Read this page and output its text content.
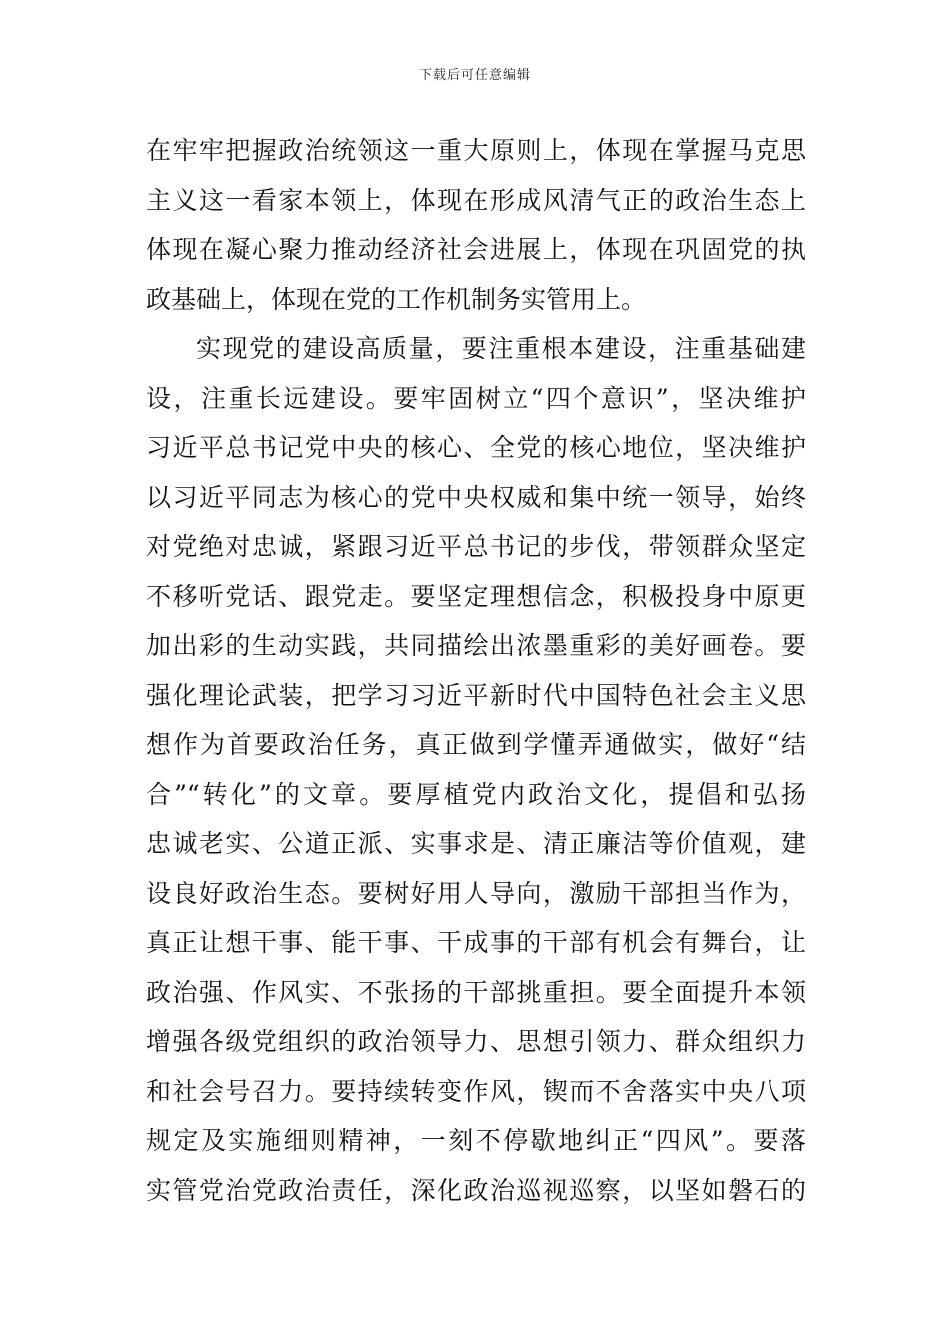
下载后可任意编辑
在牢牢把握政治统领这一重大原则上，体现在掌握马克思
主义这一看家本领上，体现在形成风清气正的政治生态上
体现在凝心聚力推动经济社会进展上，体现在巩固党的执
政基础上，体现在党的工作机制务实管用上。
实现党的建设高质量，要注重根本建设，注重基础建
设，注重长远建设。要牢固树立“四个意识”，坚决维护
习近平总书记党中央的核心、全党的核心地位，坚决维护
以习近平同志为核心的党中央权威和集中统一领导，始终
对党绝对忠诚，紧跟习近平总书记的步伐，带领群众坚定
不移听党话、跟党走。要坚定理想信念，积极投身中原更
加出彩的生动实践，共同描绘出浓墨重彩的美好画卷。要
强化理论武装，把学习习近平新时代中国特色社会主义思
想作为首要政治任务，真正做到学懂弄通做实，做好“结
合”“转化”的文章。要厚植党内政治文化，提倡和弘扬
忠诚老实、公道正派、实事求是、清正廉洁等价值观，建
设良好政治生态。要树好用人导向，激励干部担当作为，
真正让想干事、能干事、干成事的干部有机会有舞台，让
政治强、作风实、不张扬的干部挑重担。要全面提升本领
增强各级党组织的政治领导力、思想引领力、群众组织力
和社会号召力。要持续转变作风，锲而不舍落实中央八项
规定及实施细则精神，一刻不停歇地纠正“四风”。要落
实管党治党政治责任，深化政治巡视巡察，以坚如磐石的
